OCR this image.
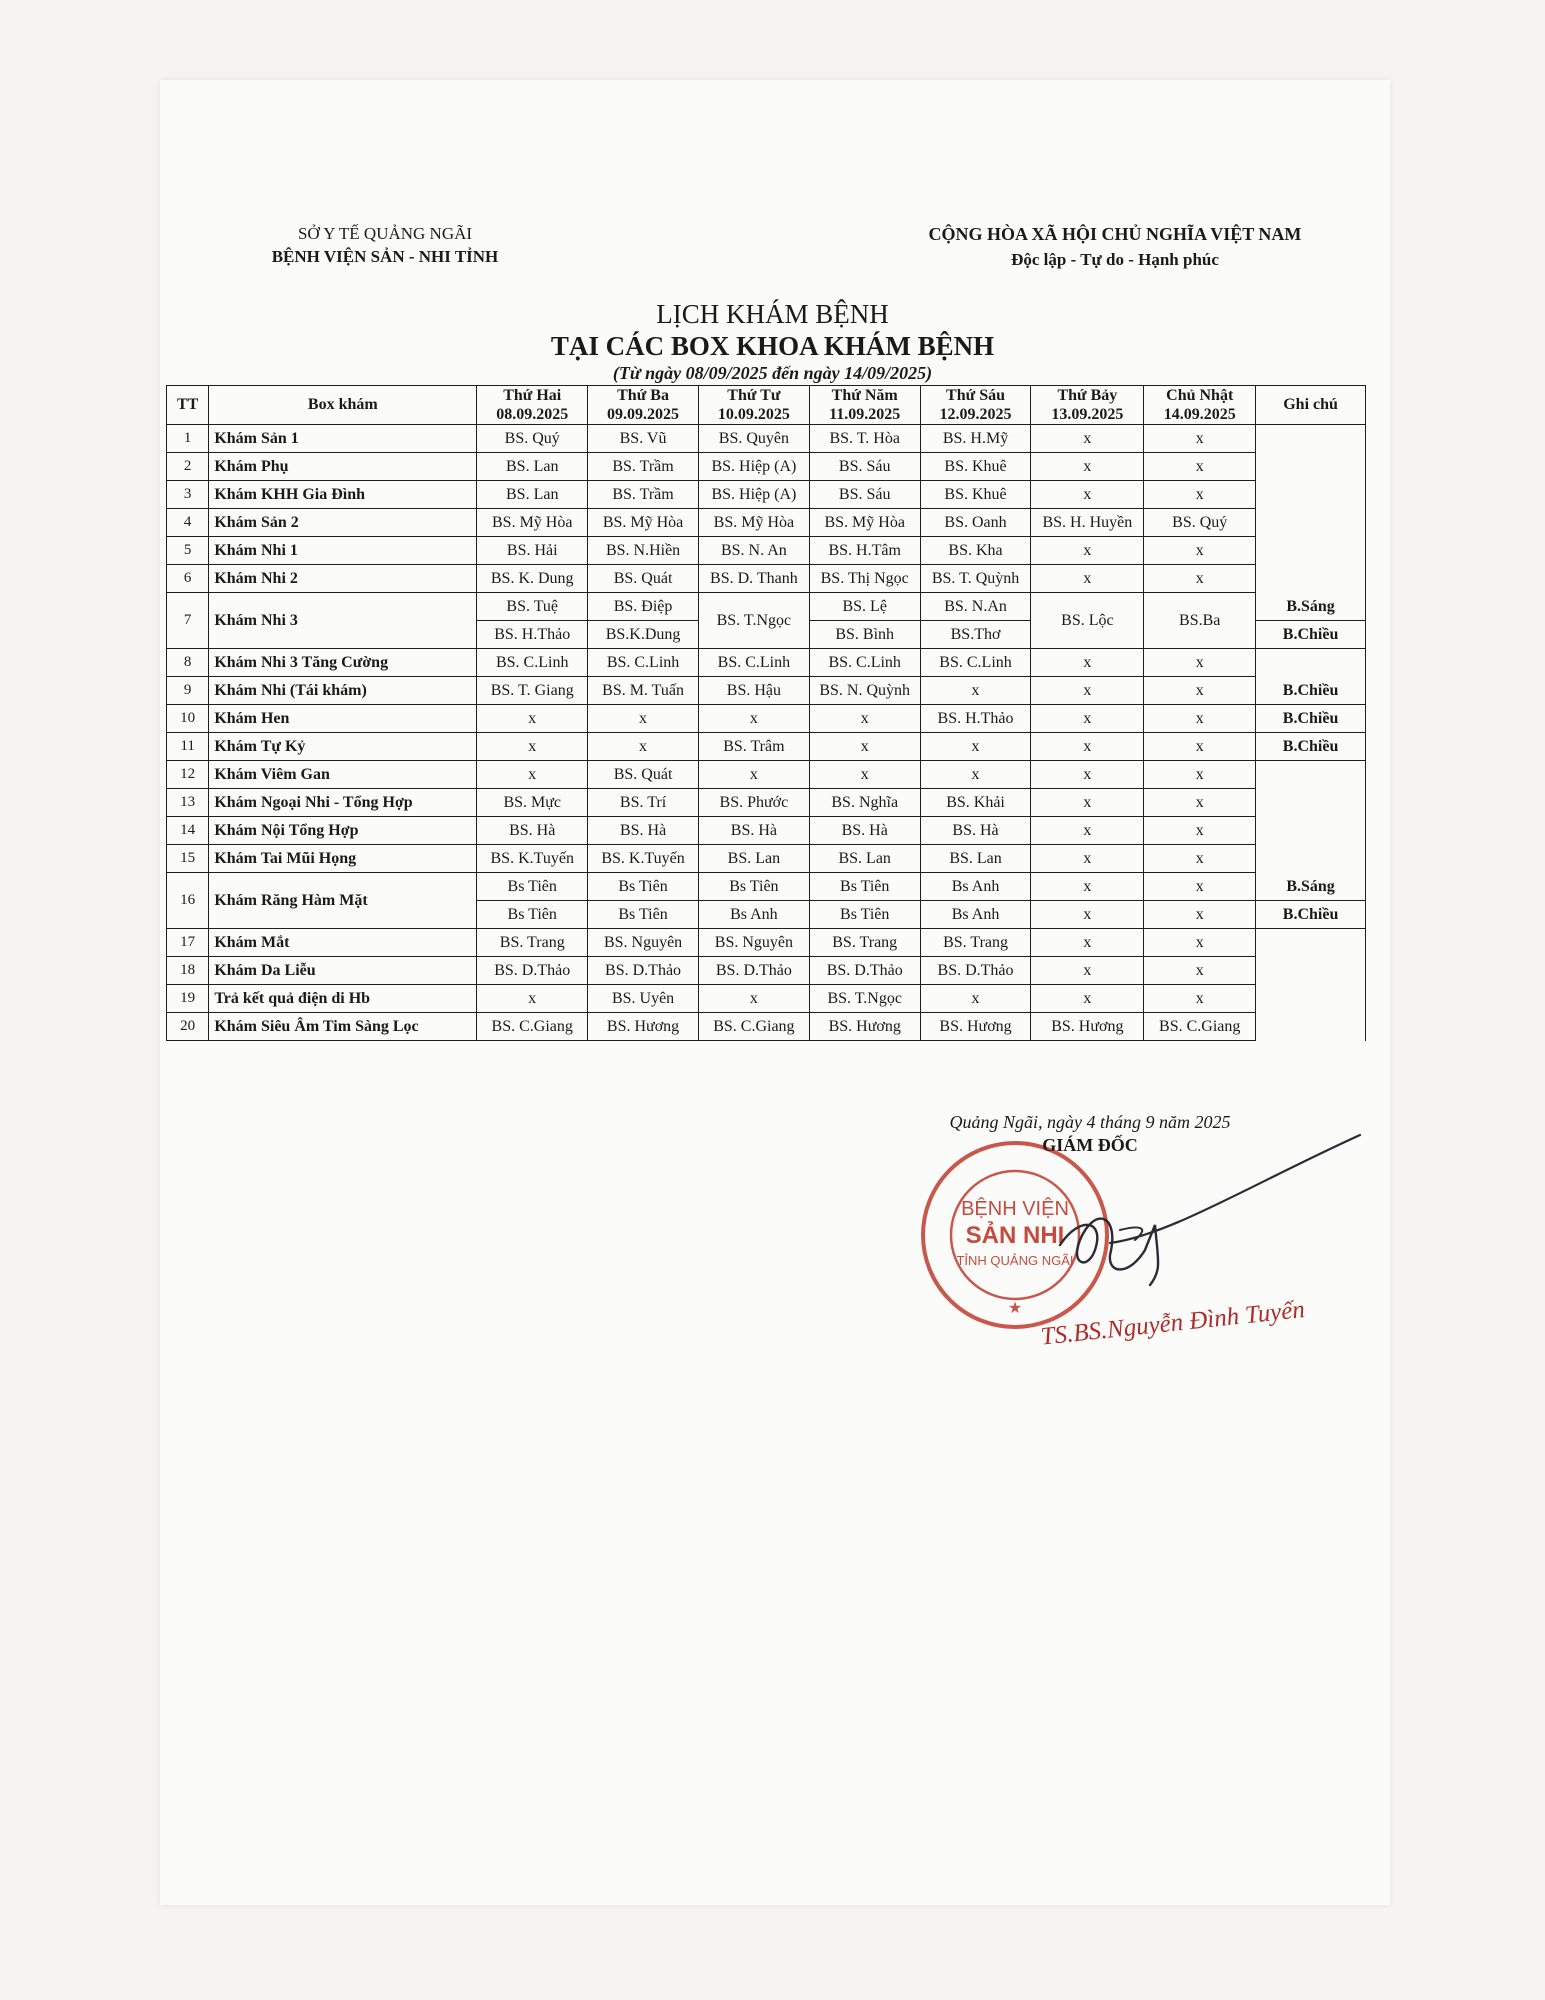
SỞ Y TẾ QUẢNG NGÃI
BỆNH VIỆN SẢN - NHI TỈNH
CỘNG HÒA XÃ HỘI CHỦ NGHĨA VIỆT NAM
Độc lập - Tự do - Hạnh phúc
LỊCH KHÁM BỆNH
TẠI CÁC BOX KHOA KHÁM BỆNH
(Từ ngày 08/09/2025 đến ngày 14/09/2025)
TT	Box khám	Thứ Hai	Thứ Ba	Thứ Tư	Thứ Năm	Thứ Sáu	Thứ Bảy	Chủ Nhật	Ghi chú
		08.09.2025	09.09.2025	10.09.2025	11.09.2025	12.09.2025	13.09.2025	14.09.2025	
1	Khám Sản 1	BS. Quý	BS. Vũ	BS. Quyên	BS. T. Hòa	BS. H.Mỹ	x	x	
2	Khám Phụ	BS. Lan	BS. Trầm	BS. Hiệp (A)	BS. Sáu	BS. Khuê	x	x	
3	Khám KHH Gia Đình	BS. Lan	BS. Trầm	BS. Hiệp (A)	BS. Sáu	BS. Khuê	x	x	
4	Khám Sản 2	BS. Mỹ Hòa	BS. Mỹ Hòa	BS. Mỹ Hòa	BS. Mỹ Hòa	BS. Oanh	BS. H. Huyền	BS. Quý	
5	Khám Nhi 1	BS. Hải	BS. N.Hiền	BS. N. An	BS. H.Tâm	BS. Kha	x	x	
6	Khám Nhi 2	BS. K. Dung	BS. Quát	BS. D. Thanh	BS. Thị Ngọc	BS. T. Quỳnh	x	x	
7	Khám Nhi 3	BS. Tuệ	BS. Điệp	BS. T.Ngọc	BS. Lệ	BS. N.An	BS. Lộc	BS.Ba	B.Sáng
		BS. H.Thảo	BS.K.Dung		BS. Bình	BS.Thơ			B.Chiều
8	Khám Nhi 3 Tăng Cường	BS. C.Linh	BS. C.Linh	BS. C.Linh	BS. C.Linh	BS. C.Linh	x	x	
9	Khám Nhi (Tái khám)	BS. T. Giang	BS. M. Tuấn	BS. Hậu	BS. N. Quỳnh	x	x	x	B.Chiều
10	Khám Hen	x	x	x	x	BS. H.Thảo	x	x	B.Chiều
11	Khám Tự Kỷ	x	x	BS. Trâm	x	x	x	x	B.Chiều
12	Khám Viêm Gan	x	BS. Quát	x	x	x	x	x	
13	Khám Ngoại Nhi - Tổng Hợp	BS. Mực	BS. Trí	BS. Phước	BS. Nghĩa	BS. Khải	x	x	
14	Khám Nội Tổng Hợp	BS. Hà	BS. Hà	BS. Hà	BS. Hà	BS. Hà	x	x	
15	Khám Tai Mũi Họng	BS. K.Tuyến	BS. K.Tuyến	BS. Lan	BS. Lan	BS. Lan	x	x	
16	Khám Răng Hàm Mặt	Bs Tiên	Bs Tiên	Bs Tiên	Bs Tiên	Bs Anh	x	x	B.Sáng
		Bs Tiên	Bs Tiên	Bs Anh	Bs Tiên	Bs Anh	x	x	B.Chiều
17	Khám Mắt	BS. Trang	BS. Nguyên	BS. Nguyên	BS. Trang	BS. Trang	x	x	
18	Khám Da Liễu	BS. D.Thảo	BS. D.Thảo	BS. D.Thảo	BS. D.Thảo	BS. D.Thảo	x	x	
19	Trả kết quả điện di Hb	x	BS. Uyên	x	BS. T.Ngọc	x	x	x	
20	Khám Siêu Âm Tim Sàng Lọc	BS. C.Giang	BS. Hương	BS. C.Giang	BS. Hương	BS. Hương	BS. Hương	BS. C.Giang	
BỆNH VIỆN
SẢN NHI
TỈNH QUẢNG NGÃI
★
Quảng Ngãi, ngày 4 tháng 9 năm 2025
GIÁM ĐỐC
TS.BS.Nguyễn Đình Tuyến
